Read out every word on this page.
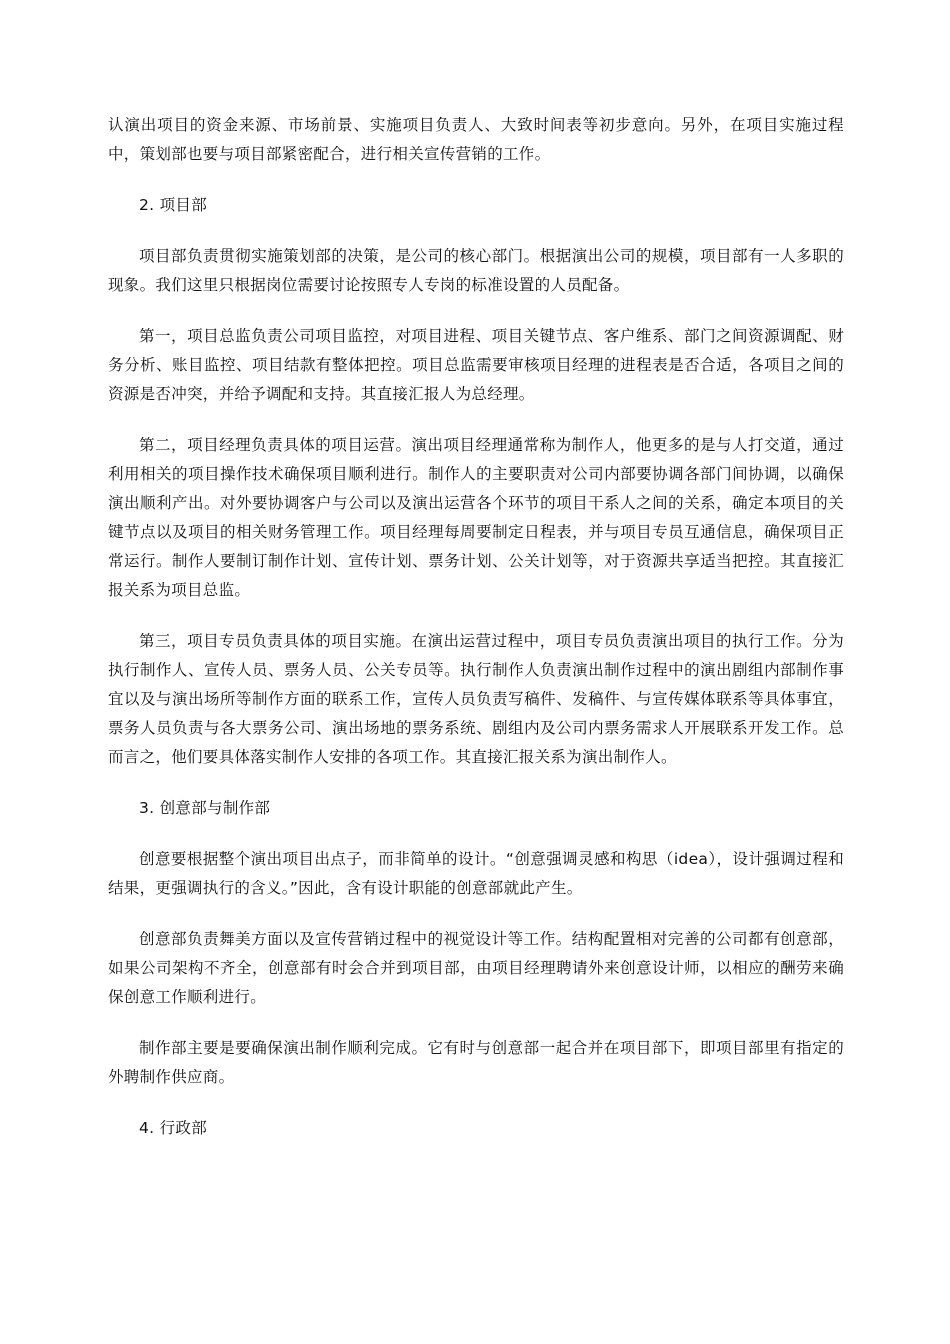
认演出项目的资金来源、市场前景、实施项目负责人、大致时间表等初步意向。另外，在项目实施过程中，策划部也要与项目部紧密配合，进行相关宣传营销的工作。

2. 项目部

项目部负责贯彻实施策划部的决策，是公司的核心部门。根据演出公司的规模，项目部有一人多职的现象。我们这里只根据岗位需要讨论按照专人专岗的标准设置的人员配备。

第一，项目总监负责公司项目监控，对项目进程、项目关键节点、客户维系、部门之间资源调配、财务分析、账目监控、项目结款有整体把控。项目总监需要审核项目经理的进程表是否合适，各项目之间的资源是否冲突，并给予调配和支持。其直接汇报人为总经理。

第二，项目经理负责具体的项目运营。演出项目经理通常称为制作人，他更多的是与人打交道，通过利用相关的项目操作技术确保项目顺利进行。制作人的主要职责对公司内部要协调各部门间协调，以确保演出顺利产出。对外要协调客户与公司以及演出运营各个环节的项目干系人之间的关系，确定本项目的关键节点以及项目的相关财务管理工作。项目经理每周要制定日程表，并与项目专员互通信息，确保项目正常运行。制作人要制订制作计划、宣传计划、票务计划、公关计划等，对于资源共享适当把控。其直接汇报关系为项目总监。

第三，项目专员负责具体的项目实施。在演出运营过程中，项目专员负责演出项目的执行工作。分为执行制作人、宣传人员、票务人员、公关专员等。执行制作人负责演出制作过程中的演出剧组内部制作事宜以及与演出场所等制作方面的联系工作，宣传人员负责写稿件、发稿件、与宣传媒体联系等具体事宜，票务人员负责与各大票务公司、演出场地的票务系统、剧组内及公司内票务需求人开展联系开发工作。总而言之，他们要具体落实制作人安排的各项工作。其直接汇报关系为演出制作人。

3. 创意部与制作部

创意要根据整个演出项目出点子，而非简单的设计。“创意强调灵感和构思（idea），设计强调过程和结果，更强调执行的含义。”因此，含有设计职能的创意部就此产生。

创意部负责舞美方面以及宣传营销过程中的视觉设计等工作。结构配置相对完善的公司都有创意部，如果公司架构不齐全，创意部有时会合并到项目部，由项目经理聘请外来创意设计师，以相应的酬劳来确保创意工作顺利进行。

制作部主要是要确保演出制作顺利完成。它有时与创意部一起合并在项目部下，即项目部里有指定的外聘制作供应商。

4. 行政部
